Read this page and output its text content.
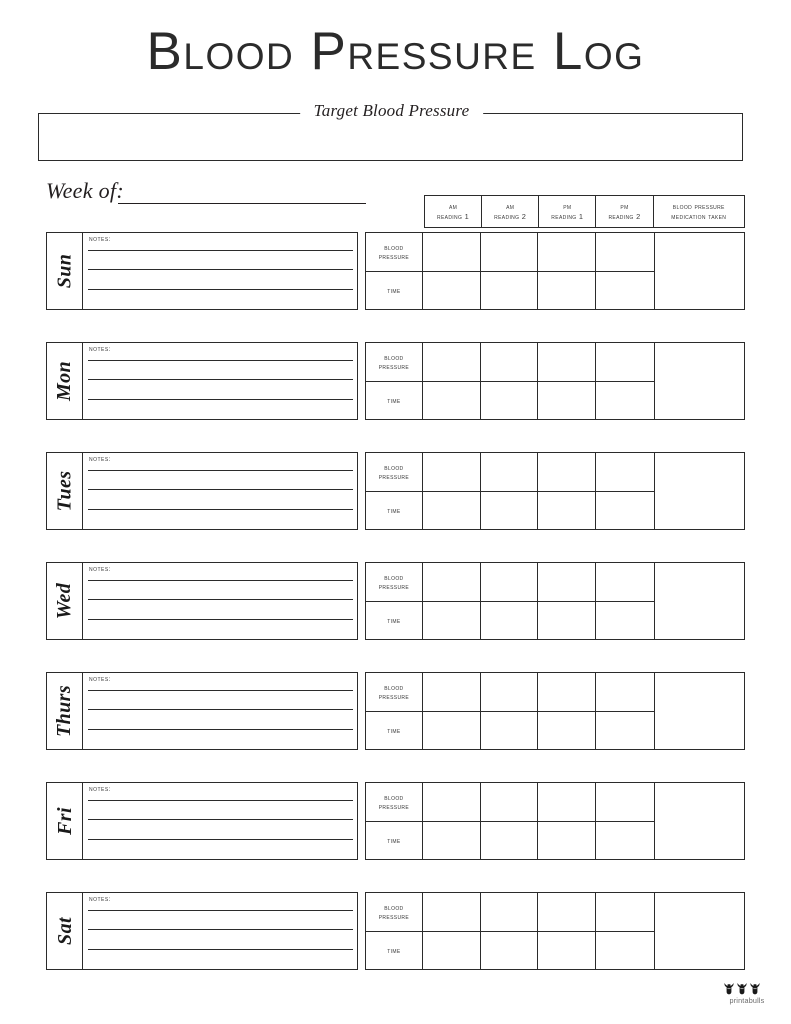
Blood Pressure Log
Target Blood Pressure
Week of:
am
reading 1
am
reading 2
pm
reading 1
pm
reading 2
blood pressure
medication taken
Sun
notes:
blood
pressure
time
Mon
notes:
blood
pressure
time
Tues
notes:
blood
pressure
time
Wed
notes:
blood
pressure
time
Thurs
notes:
blood
pressure
time
Fri
notes:
blood
pressure
time
Sat
notes:
blood
pressure
time
printabulls
